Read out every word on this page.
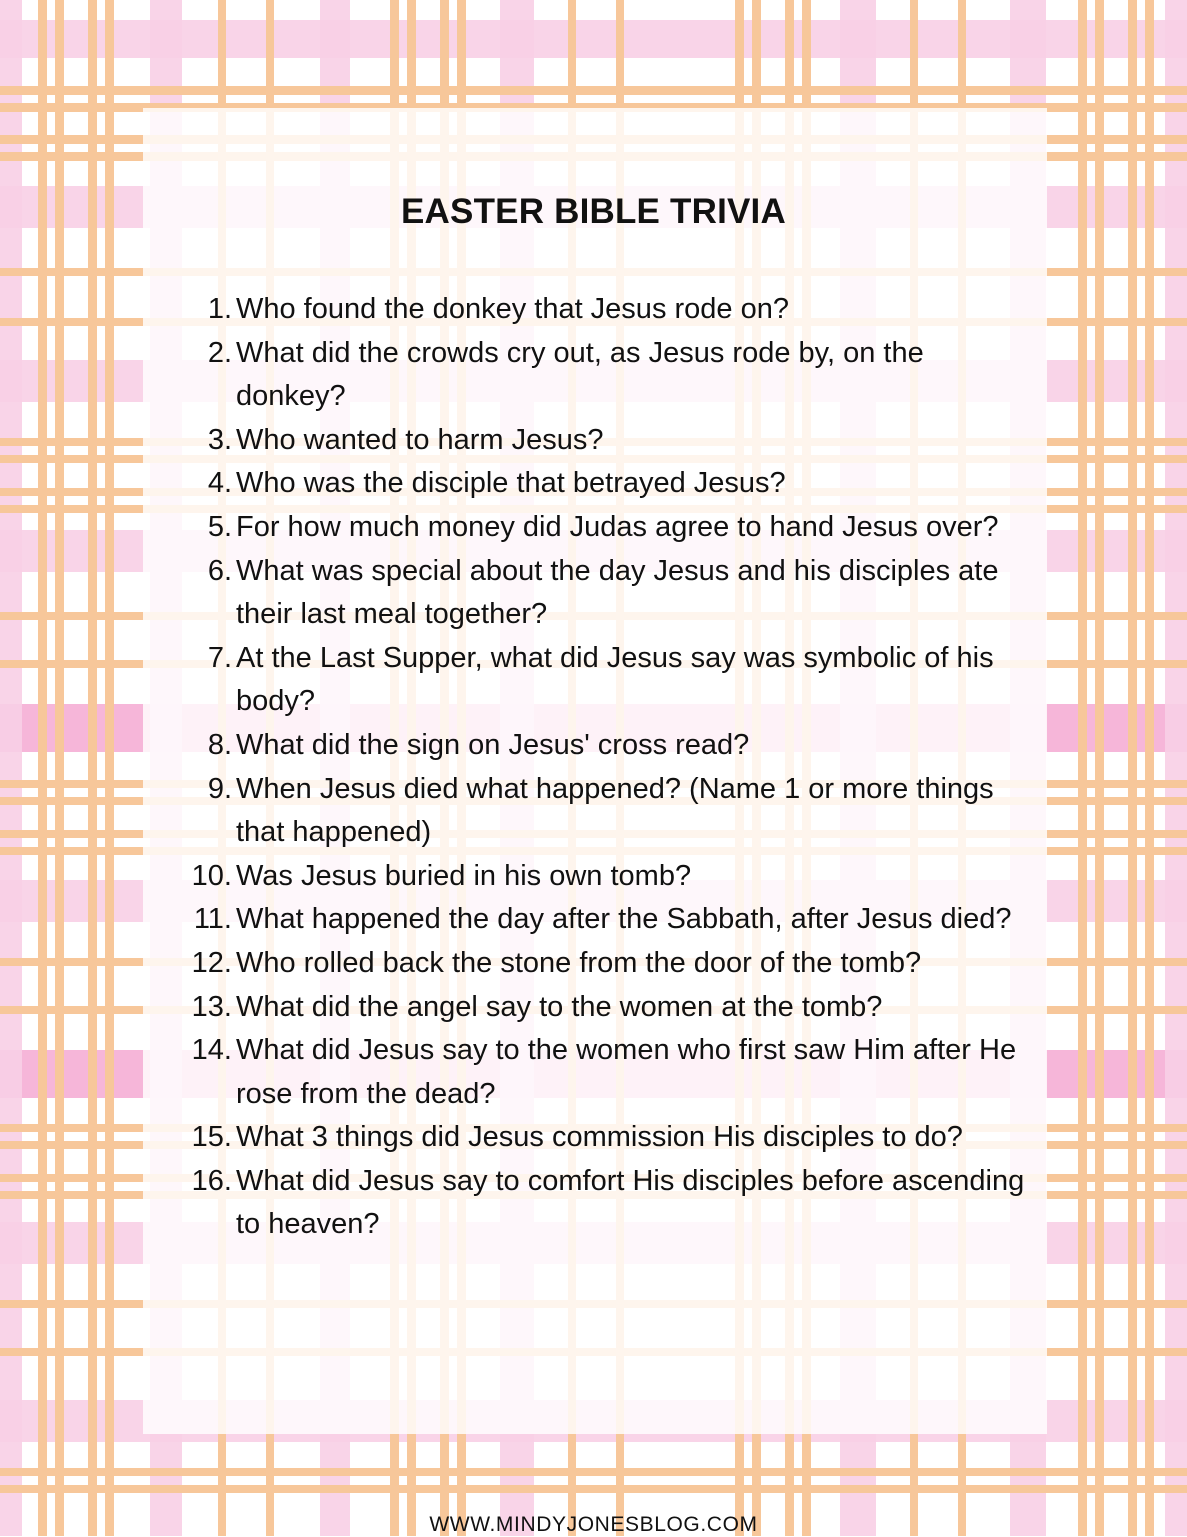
EASTER BIBLE TRIVIA
1. Who found the donkey that Jesus rode on?
2. What did the crowds cry out, as Jesus rode by, on the donkey?
3. Who wanted to harm Jesus?
4. Who was the disciple that betrayed Jesus?
5. For how much money did Judas agree to hand Jesus over?
6. What was special about the day Jesus and his disciples ate their last meal together?
7. At the Last Supper, what did Jesus say was symbolic of his body?
8. What did the sign on Jesus' cross read?
9. When Jesus died what happened? (Name 1 or more things that happened)
10. Was Jesus buried in his own tomb?
11. What happened the day after the Sabbath, after Jesus died?
12. Who rolled back the stone from the door of the tomb?
13. What did the angel say to the women at the tomb?
14. What did Jesus say to the women who first saw Him after He rose from the dead?
15. What 3 things did Jesus commission His disciples to do?
16. What did Jesus say to comfort His disciples before ascending to heaven?
WWW.MINDYJONESBLOG.COM
